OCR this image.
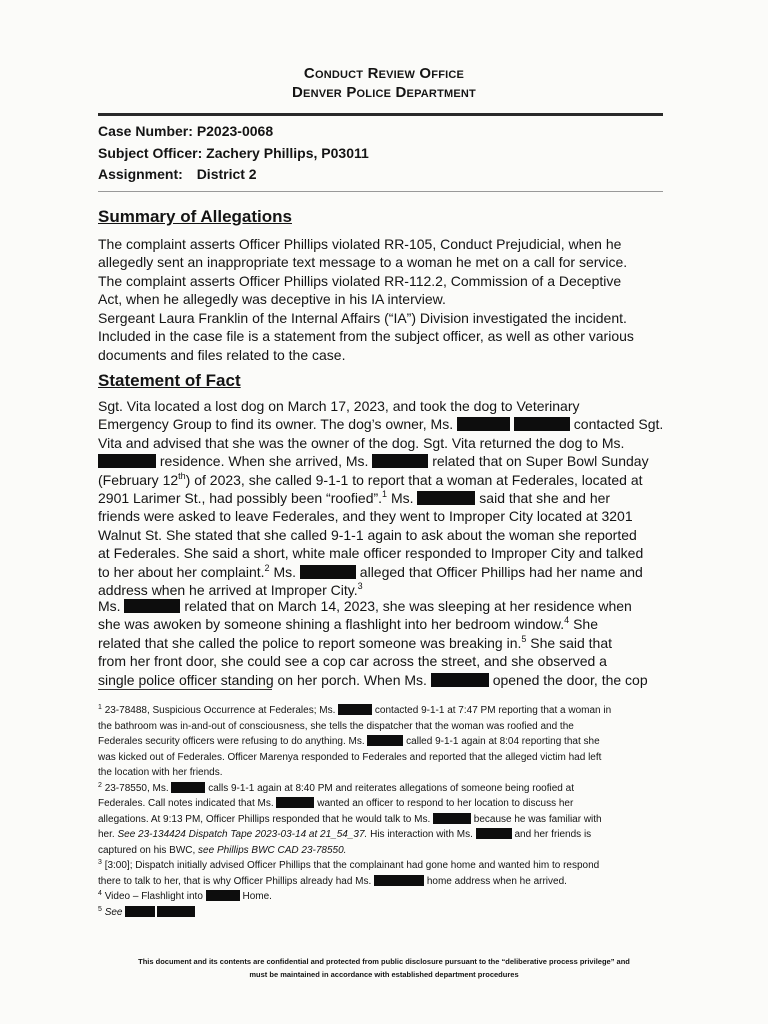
Conduct Review Office
Denver Police Department
Case Number: P2023-0068
Subject Officer: Zachery Phillips, P03011
Assignment: District 2
Summary of Allegations
The complaint asserts Officer Phillips violated RR-105, Conduct Prejudicial, when he
allegedly sent an inappropriate text message to a woman he met on a call for service.
The complaint asserts Officer Phillips violated RR-112.2, Commission of a Deceptive
Act, when he allegedly was deceptive in his IA interview.
Sergeant Laura Franklin of the Internal Affairs (“IA”) Division investigated the incident.
Included in the case file is a statement from the subject officer, as well as other various
documents and files related to the case.
Statement of Fact
Sgt. Vita located a lost dog on March 17, 2023, and took the dog to Veterinary
Emergency Group to find its owner. The dog’s owner, Ms.	contacted Sgt.
Vita and advised that she was the owner of the dog. Sgt. Vita returned the dog to Ms.
residence. When she arrived, Ms.	related that on Super Bowl Sunday
(February 12th) of 2023, she called 9-1-1 to report that a woman at Federales, located at
2901 Larimer St., had possibly been “roofied”.$^1$ Ms.	said that she and her
friends were asked to leave Federales, and they went to Improper City located at 3201
Walnut St. She stated that she called 9-1-1 again to ask about the woman she reported
at Federales. She said a short, white male officer responded to Improper City and talked
to her about her complaint.$^2$ Ms.	alleged that Officer Phillips had her name and
address when he arrived at Improper City.$^3$
Ms.	related that on March 14, 2023, she was sleeping at her residence when
she was awoken by someone shining a flashlight into her bedroom window.$^4$ She
related that she called the police to report someone was breaking in.$^5$ She said that
from her front door, she could see a cop car across the street, and she observed a
single police officer standing on her porch. When Ms.	opened the door, the cop
$^1$ 23-78488, Suspicious Occurrence at Federales; Ms.	contacted 9-1-1 at 7:47 PM reporting that a woman in
the bathroom was in-and-out of consciousness, she tells the dispatcher that the woman was roofied and the
Federales security officers were refusing to do anything. Ms.	called 9-1-1 again at 8:04 reporting that she
was kicked out of Federales. Officer Marenya responded to Federales and reported that the alleged victim had left
the location with her friends.
$^2$ 23-78550, Ms.	calls 9-1-1 again at 8:40 PM and reiterates allegations of someone being roofied at
Federales. Call notes indicated that Ms.	wanted an officer to respond to her location to discuss her
allegations. At 9:13 PM, Officer Phillips responded that he would talk to Ms.	because he was familiar with
her. See 23-134424 Dispatch Tape 2023-03-14 at 21_54_37. His interaction with Ms.	and her friends is
captured on his BWC, see Phillips BWC CAD 23-78550.
$^3$ [3:00]; Dispatch initially advised Officer Phillips that the complainant had gone home and wanted him to respond
there to talk to her, that is why Officer Phillips already had Ms.	home address when he arrived.
$^4$ Video – Flashlight into	Home.
$^5$ See
This document and its contents are confidential and protected from public disclosure pursuant to the “deliberative process privilege” and
must be maintained in accordance with established department procedures
